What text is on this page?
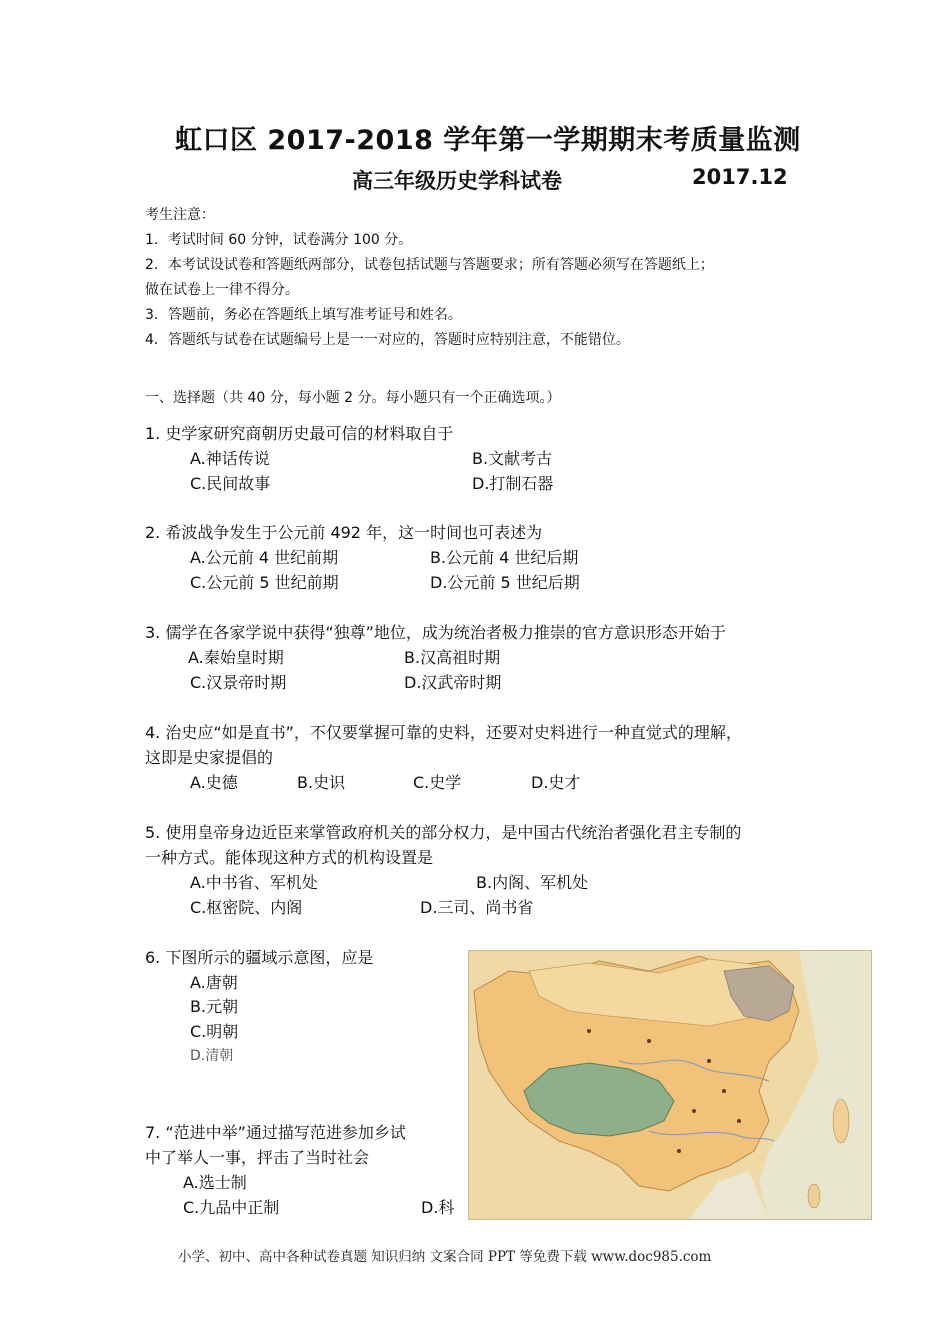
虹口区 2017-2018 学年第一学期期末考质量监测
高三年级历史学科试卷	2017.12
考生注意：
1．考试时间 60 分钟，试卷满分 100 分。
2．本考试设试卷和答题纸两部分，试卷包括试题与答题要求；所有答题必须写在答题纸上；
做在试卷上一律不得分。
3．答题前，务必在答题纸上填写准考证号和姓名。
4．答题纸与试卷在试题编号上是一一对应的，答题时应特别注意，不能错位。
一、选择题（共 40 分，每小题 2 分。每小题只有一个正确选项。）
1. 史学家研究商朝历史最可信的材料取自于
A.神话传说	B.文献考古
C.民间故事	D.打制石器
2. 希波战争发生于公元前 492 年，这一时间也可表述为
A.公元前 4 世纪前期	B.公元前 4 世纪后期
C.公元前 5 世纪前期	D.公元前 5 世纪后期
3. 儒学在各家学说中获得“独尊”地位，成为统治者极力推崇的官方意识形态开始于
A.秦始皇时期	B.汉高祖时期
C.汉景帝时期	D.汉武帝时期
4. 治史应“如是直书”，不仅要掌握可靠的史料，还要对史料进行一种直觉式的理解，
这即是史家提倡的
A.史德	B.史识	C.史学	D.史才
5. 使用皇帝身边近臣来掌管政府机关的部分权力，是中国古代统治者强化君主专制的
一种方式。能体现这种方式的机构设置是
A.中书省、军机处	B.内阁、军机处
C.枢密院、内阁	D.三司、尚书省
6. 下图所示的疆域示意图，应是
A.唐朝
B.元朝
C.明朝
D.清朝
7. “范进中举”通过描写范进参加乡试
中了举人一事，抨击了当时社会
A.选士制
C.九品中正制	D.科
小学、初中、高中各种试卷真题 知识归纳 文案合同 PPT 等免费下载 www.doc985.com
